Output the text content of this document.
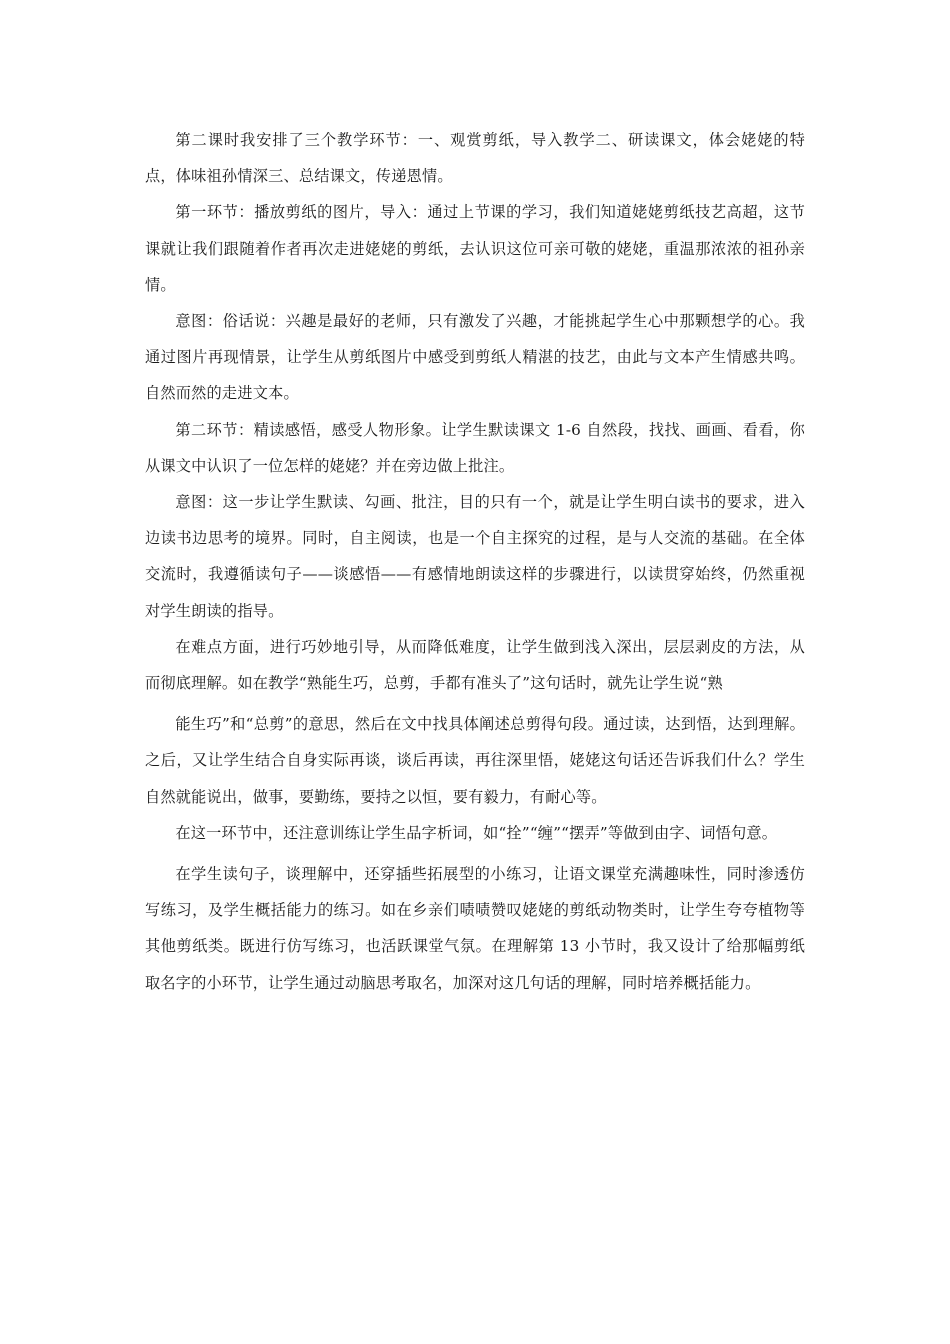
第二课时我安排了三个教学环节：一、观赏剪纸，导入教学二、研读课文，体会姥姥的特点，体味祖孙情深三、总结课文，传递恩情。

第一环节：播放剪纸的图片，导入：通过上节课的学习，我们知道姥姥剪纸技艺高超，这节课就让我们跟随着作者再次走进姥姥的剪纸，去认识这位可亲可敬的姥姥，重温那浓浓的祖孙亲情。

意图：俗话说：兴趣是最好的老师，只有激发了兴趣，才能挑起学生心中那颗想学的心。我通过图片再现情景，让学生从剪纸图片中感受到剪纸人精湛的技艺，由此与文本产生情感共鸣。自然而然的走进文本。

第二环节：精读感悟，感受人物形象。让学生默读课文 1-6 自然段，找找、画画、看看，你从课文中认识了一位怎样的姥姥？并在旁边做上批注。

意图：这一步让学生默读、勾画、批注，目的只有一个，就是让学生明白读书的要求，进入边读书边思考的境界。同时，自主阅读，也是一个自主探究的过程，是与人交流的基础。在全体交流时，我遵循读句子——谈感悟——有感情地朗读这样的步骤进行，以读贯穿始终，仍然重视对学生朗读的指导。

在难点方面，进行巧妙地引导，从而降低难度，让学生做到浅入深出，层层剥皮的方法，从而彻底理解。如在教学“熟能生巧，总剪，手都有准头了”这句话时，就先让学生说“熟

能生巧”和“总剪”的意思，然后在文中找具体阐述总剪得句段。通过读，达到悟，达到理解。之后，又让学生结合自身实际再谈，谈后再读，再往深里悟，姥姥这句话还告诉我们什么？学生自然就能说出，做事，要勤练，要持之以恒，要有毅力，有耐心等。

在这一环节中，还注意训练让学生品字析词，如“拴”“缠”“摆弄”等做到由字、词悟句意。

在学生读句子，谈理解中，还穿插些拓展型的小练习，让语文课堂充满趣味性，同时渗透仿写练习，及学生概括能力的练习。如在乡亲们啧啧赞叹姥姥的剪纸动物类时，让学生夸夸植物等其他剪纸类。既进行仿写练习，也活跃课堂气氛。在理解第 13 小节时，我又设计了给那幅剪纸取名字的小环节，让学生通过动脑思考取名，加深对这几句话的理解，同时培养概括能力。
